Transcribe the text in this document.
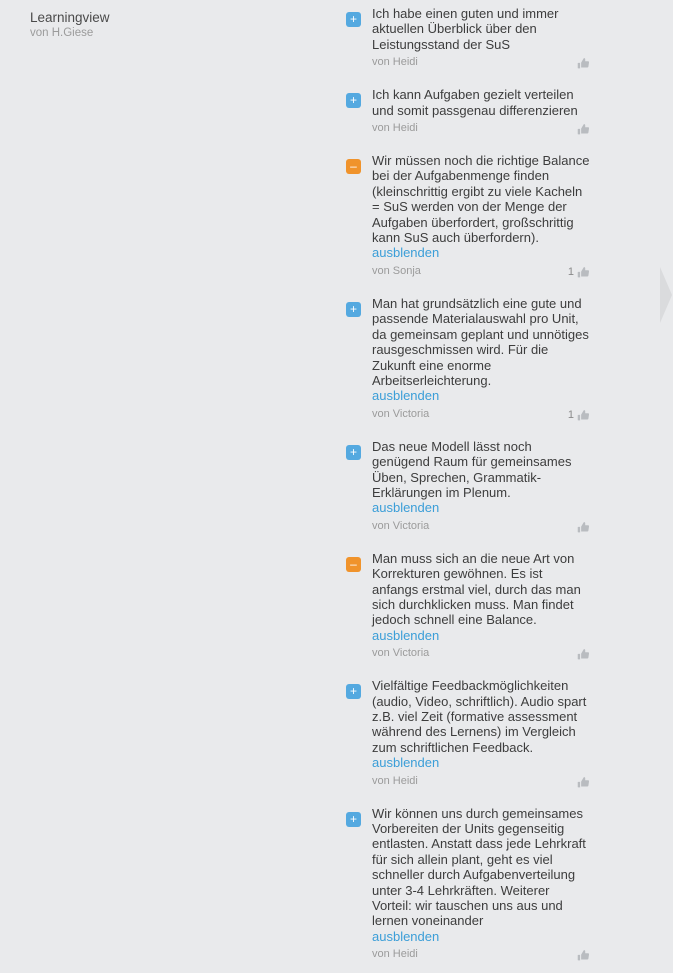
Learningview
von H.Giese
+	Ich habe einen guten und immer aktuellen Überblick über den Leistungsstand der SuS

von Heidi
+	Ich kann Aufgaben gezielt verteilen und somit passgenau differenzieren

von Heidi
–	Wir müssen noch die richtige Balance bei der Aufgabenmenge finden (kleinschrittig ergibt zu viele Kacheln = SuS werden von der Menge der Aufgaben überfordert, großschrittig kann SuS auch überfordern).
ausblenden

von Sonja	1
+	Man hat grundsätzlich eine gute und passende Materialauswahl pro Unit, da gemeinsam geplant und unnötiges rausgeschmissen wird. Für die Zukunft eine enorme Arbeitserleichterung.
ausblenden

von Victoria	1
+	Das neue Modell lässt noch genügend Raum für gemeinsames Üben, Sprechen, Grammatik-Erklärungen im Plenum.
ausblenden

von Victoria
–	Man muss sich an die neue Art von Korrekturen gewöhnen. Es ist anfangs erstmal viel, durch das man sich durchklicken muss. Man findet jedoch schnell eine Balance. ausblenden

von Victoria
+	Vielfältige Feedbackmöglichkeiten (audio, Video, schriftlich). Audio spart z.B. viel Zeit (formative assessment während des Lernens) im Vergleich zum schriftlichen Feedback. ausblenden

von Heidi
+	Wir können uns durch gemeinsames Vorbereiten der Units gegenseitig entlasten. Anstatt dass jede Lehrkraft für sich allein plant, geht es viel schneller durch Aufgabenverteilung unter 3-4 Lehrkräften. Weiterer Vorteil: wir tauschen uns aus und lernen voneinander
ausblenden

von Heidi
